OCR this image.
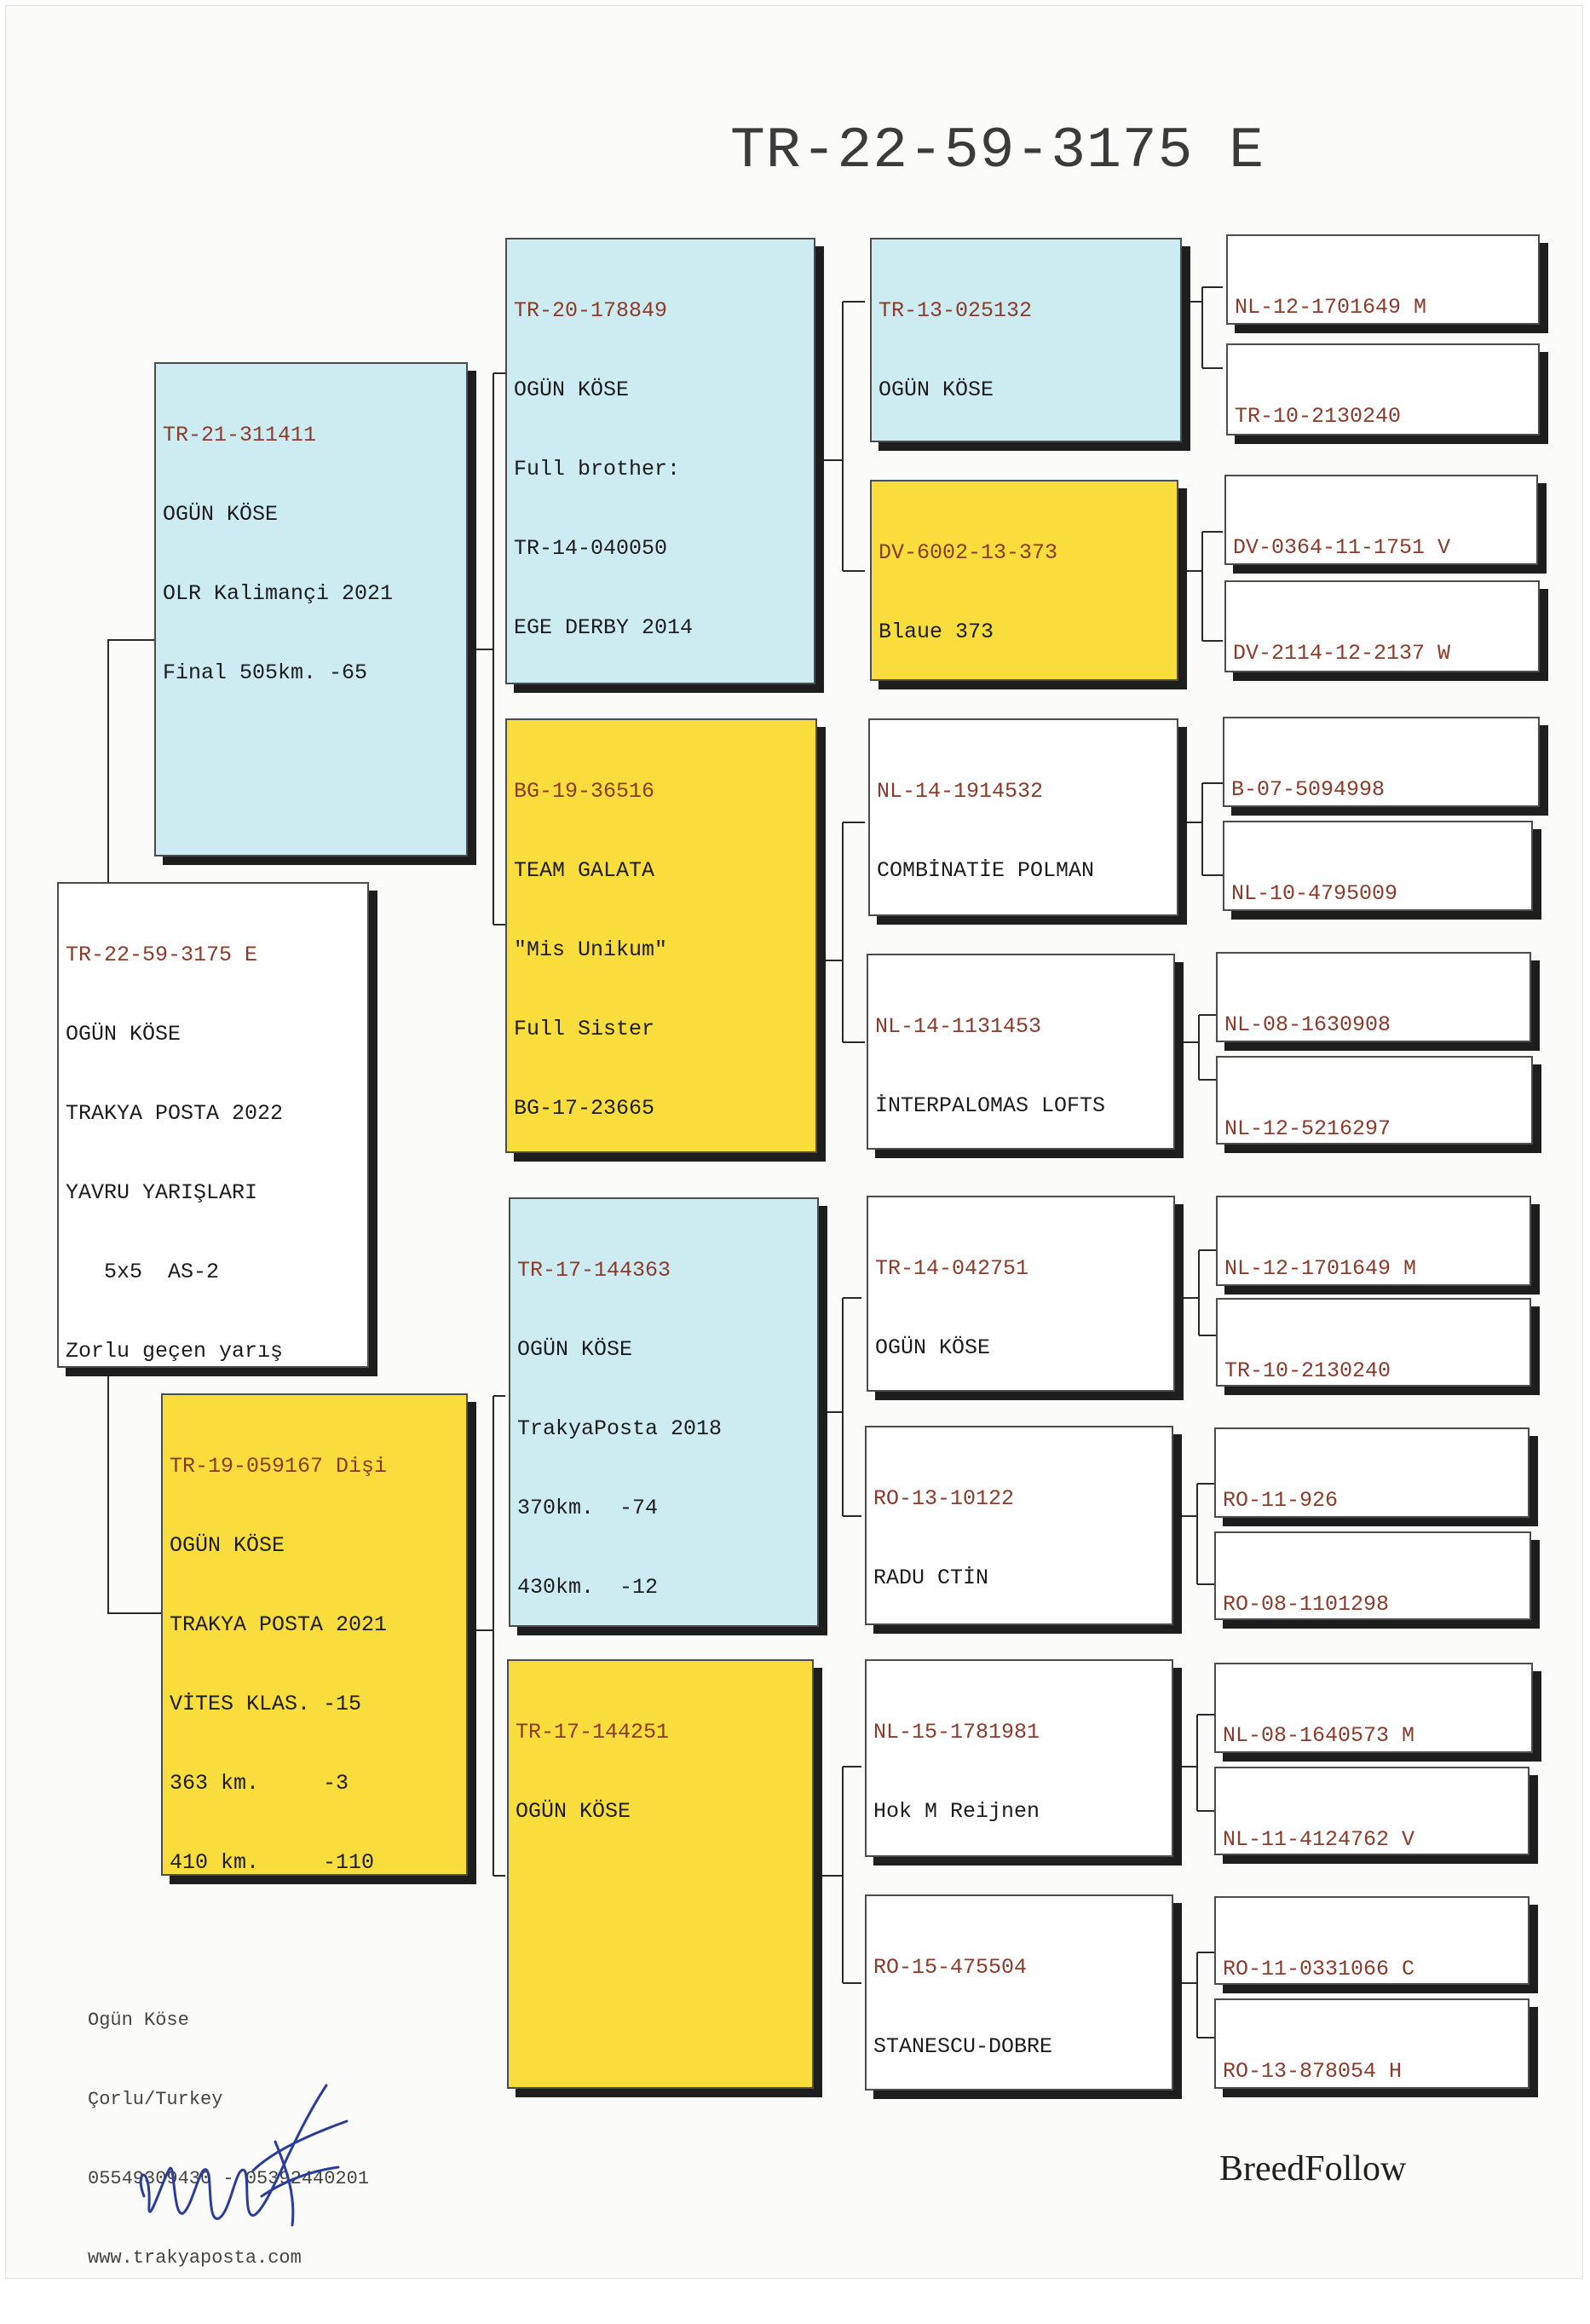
TR-22-59-3175 E

TR-22-59-3175 E

OGÜN KÖSE

TRAKYA POSTA 2022

YAVRU YARIŞLARI

5x5  AS-2

Zorlu geçen yarış

TR-21-311411

OGÜN KÖSE

OLR Kalimançi 2021

Final 505km. -65

TR-19-059167 Dişi

OGÜN KÖSE

TRAKYA POSTA 2021

VİTES KLAS. -15

363 km.     -3

410 km.     -110

TR-20-178849

OGÜN KÖSE

Full brother:

TR-14-040050

EGE DERBY 2014

BG-19-36516

TEAM GALATA

"Mis Unikum"

Full Sister

BG-17-23665

TR-17-144363

OGÜN KÖSE

TrakyaPosta 2018

370km.  -74

430km.  -12

TR-17-144251

OGÜN KÖSE

TR-13-025132

OGÜN KÖSE

DV-6002-13-373

Blaue 373

NL-14-1914532

COMBİNATİE POLMAN

NL-14-1131453

İNTERPALOMAS LOFTS

TR-14-042751

OGÜN KÖSE

RO-13-10122

RADU CTİN

NL-15-1781981

Hok M Reijnen

RO-15-475504

STANESCU-DOBRE

NL-12-1701649 M

TR-10-2130240

DV-0364-11-1751 V

DV-2114-12-2137 W

B-07-5094998

NL-10-4795009

NL-08-1630908

NL-12-5216297

NL-12-1701649 M

TR-10-2130240

RO-11-926

RO-08-1101298

NL-08-1640573 M

NL-11-4124762 V

RO-11-0331066 C

RO-13-878054 H

Ogün Köse

Çorlu/Turkey

05549309430 - 05392440201

www.trakyaposta.com

BreedFollow
